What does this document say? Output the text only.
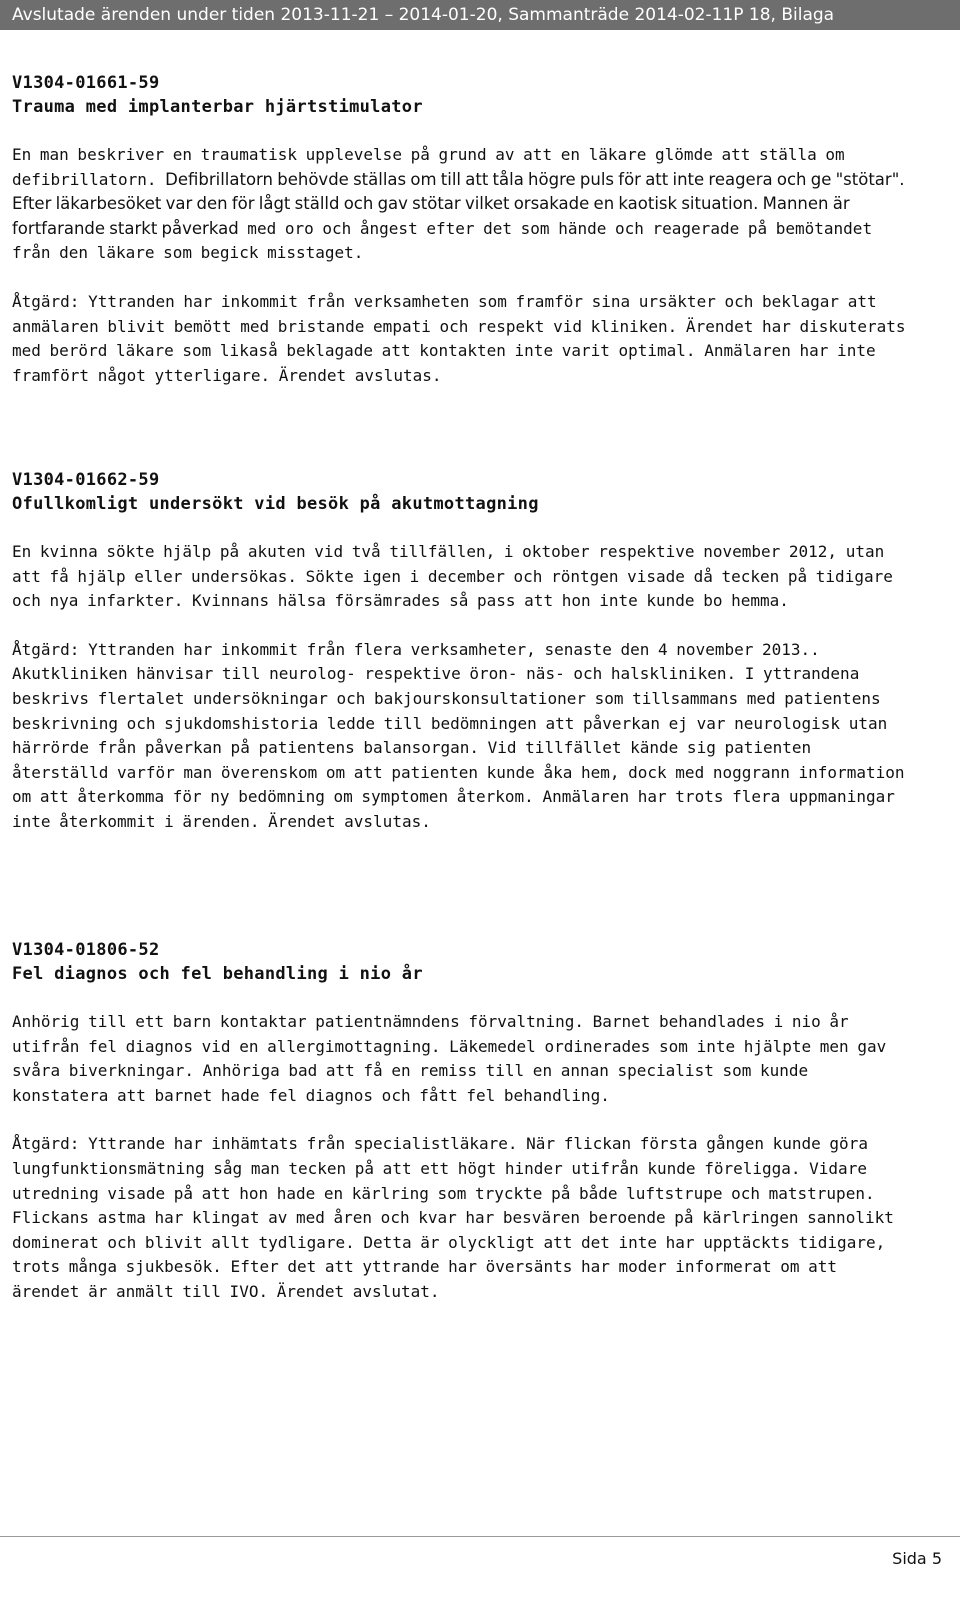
Avslutade ärenden under tiden 2013-11-21 – 2014-01-20, Sammanträde 2014-02-11P 18, Bilaga

V1304-01661-59

Trauma med implanterbar hjärtstimulator

En man beskriver en traumatisk upplevelse på grund av att en läkare glömde att ställa om defibrillatorn. Defibrillatorn behövde ställas om till att tåla högre puls för att inte reagera och ge "stötar". Efter läkarbesöket var den för lågt ställd och gav stötar vilket orsakade en kaotisk situation. Mannen är fortfarande starkt påverkad med oro och ångest efter det som hände och reagerade på bemötandet från den läkare som begick misstaget.

Åtgärd: Yttranden har inkommit från verksamheten som framför sina ursäkter och beklagar att anmälaren blivit bemött med bristande empati och respekt vid kliniken. Ärendet har diskuterats med berörd läkare som likaså beklagade att kontakten inte varit optimal. Anmälaren har inte framfört något ytterligare. Ärendet avslutas.

V1304-01662-59

Ofullkomligt undersökt vid besök på akutmottagning

En kvinna sökte hjälp på akuten vid två tillfällen, i oktober respektive november 2012, utan att få hjälp eller undersökas. Sökte igen i december och röntgen visade då tecken på tidigare och nya infarkter. Kvinnans hälsa försämrades så pass att hon inte kunde bo hemma.

Åtgärd: Yttranden har inkommit från flera verksamheter, senaste den 4 november 2013.. Akutkliniken hänvisar till neurolog- respektive öron- näs- och halskliniken. I yttrandena beskrivs flertalet undersökningar och bakjourskonsultationer som tillsammans med patientens beskrivning och sjukdomshistoria ledde till bedömningen att påverkan ej var neurologisk utan härrörde från påverkan på patientens balansorgan. Vid tillfället kände sig patienten återställd varför man överenskom om att patienten kunde åka hem, dock med noggrann information om att återkomma för ny bedömning om symptomen återkom. Anmälaren har trots flera uppmaningar inte återkommit i ärenden. Ärendet avslutas.

V1304-01806-52

Fel diagnos och fel behandling i nio år

Anhörig till ett barn kontaktar patientnämndens förvaltning. Barnet behandlades i nio år utifrån fel diagnos vid en allergimottagning. Läkemedel ordinerades som inte hjälpte men gav svåra biverkningar. Anhöriga bad att få en remiss till en annan specialist som kunde konstatera att barnet hade fel diagnos och fått fel behandling.

Åtgärd: Yttrande har inhämtats från specialistläkare. När flickan första gången kunde göra lungfunktionsmätning såg man tecken på att ett högt hinder utifrån kunde föreligga. Vidare utredning visade på att hon hade en kärlring som tryckte på både luftstrupe och matstrupen. Flickans astma har klingat av med åren och kvar har besvären beroende på kärlringen sannolikt dominerat och blivit allt tydligare. Detta är olyckligt att det inte har upptäckts tidigare, trots många sjukbesök. Efter det att yttrande har översänts har moder informerat om att ärendet är anmält till IVO. Ärendet avslutat.

Sida 5
